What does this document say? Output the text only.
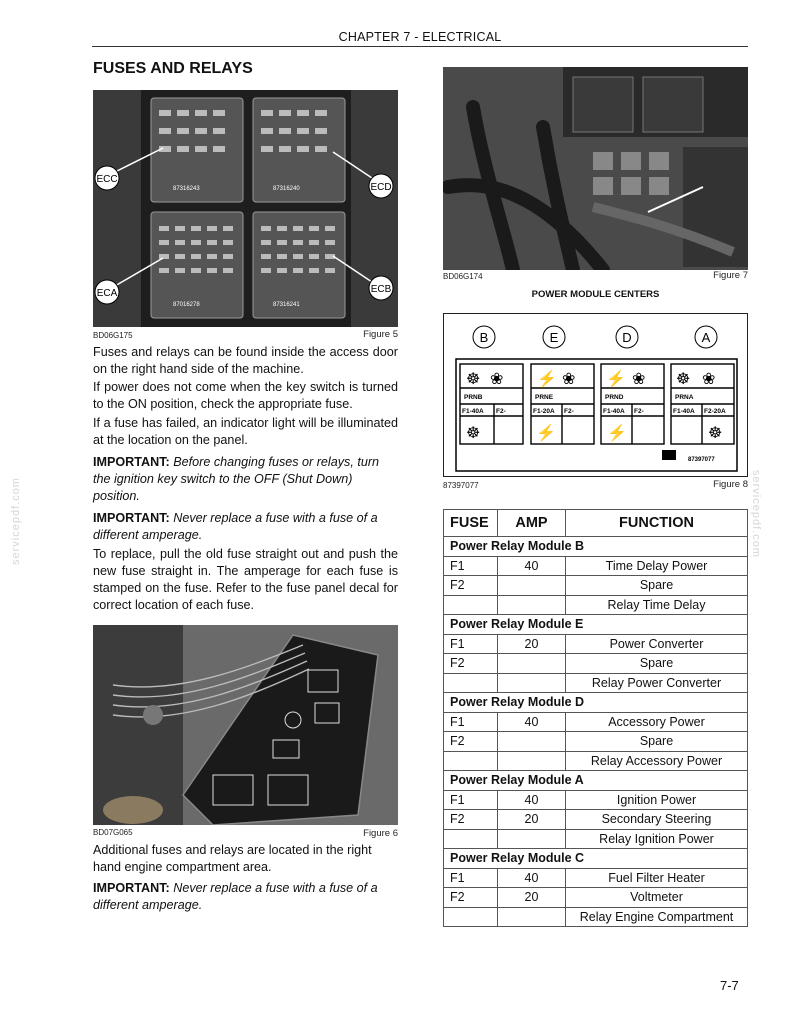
CHAPTER 7 - ELECTRICAL
FUSES AND RELAYS
87316243	87316240
87016278	87316241
ECC
ECD
ECA	ECB
BD06G175	Figure 5
Fuses and relays can be found inside the access door on the right hand side of the machine.
If power does not come when the key switch is turned to the ON position, check the appropriate fuse.
If a fuse has failed, an indicator light will be illuminated at the location on the panel.
IMPORTANT: Before changing fuses or relays, turn the ignition key switch to the OFF (Shut Down) position.
IMPORTANT: Never replace a fuse with a fuse of a different amperage.
To replace, pull the old fuse straight out and push the new fuse straight in. The amperage for each fuse is stamped on the fuse. Refer to the fuse panel decal for correct location of each fuse.
BD07G065	Figure 6
Additional fuses and relays are located in the right hand engine compartment area.
IMPORTANT: Never replace a fuse with a fuse of a different amperage.
BD06G174	Figure 7
POWER MODULE CENTERS
B	E	D	A
☸ ❀ ⚡ ❀ ⚡ ❀ ☸ ❀
☸	⚡	⚡	☸
PRNB	PRNE	PRND	PRNA
F1-40A F2-	F1-20A F2-	F1-40A F2-	F1-40A F2-20A
87397077
87397077	Figure 8
FUSE	AMP	FUNCTION
Power Relay Module B		
F1	40	Time Delay Power
F2		Spare
		Relay Time Delay
Power Relay Module E		
F1	20	Power Converter
F2		Spare
		Relay Power Converter
Power Relay Module D		
F1	40	Accessory Power
F2		Spare
		Relay Accessory Power
Power Relay Module A		
F1	40	Ignition Power
F2	20	Secondary Steering
		Relay Ignition Power
Power Relay Module C		
F1	40	Fuel Filter Heater
F2	20	Voltmeter
		Relay Engine Compartment
servicepdf.com	servicepdf.com
7-7
